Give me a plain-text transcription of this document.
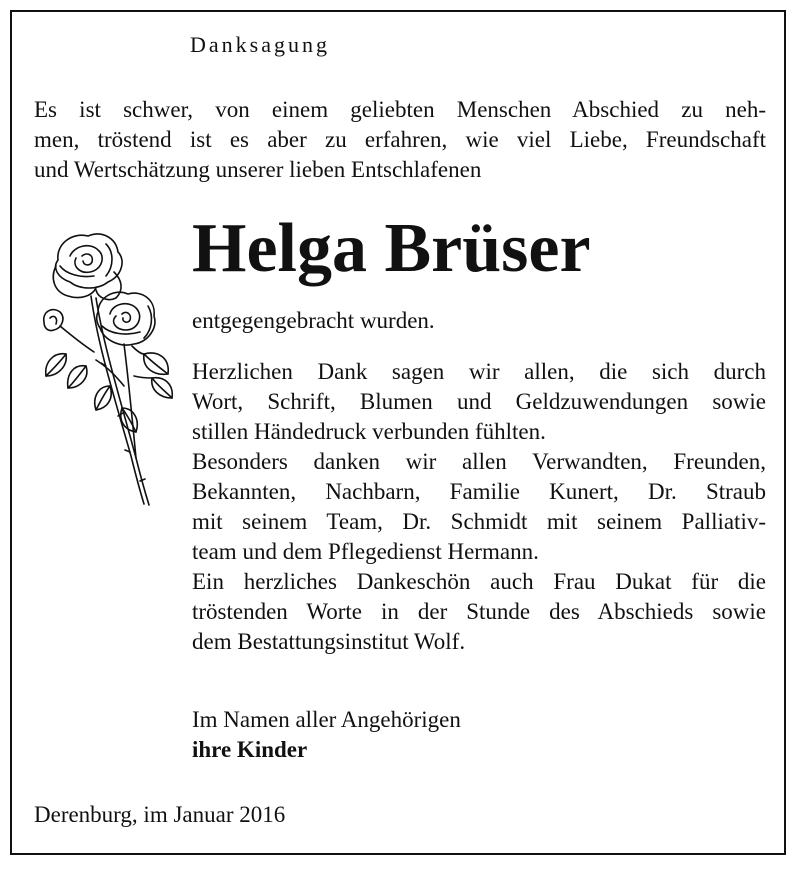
Danksagung
Es ist schwer, von einem geliebten Menschen Abschied zu neh-
men, tröstend ist es aber zu erfahren, wie viel Liebe, Freundschaft
und Wertschätzung unserer lieben Entschlafenen
Helga Brüser
entgegengebracht wurden.
Herzlichen Dank sagen wir allen, die sich durch
Wort, Schrift, Blumen und Geldzuwendungen sowie
stillen Händedruck verbunden fühlten.
Besonders danken wir allen Verwandten, Freunden,
Bekannten, Nachbarn, Familie Kunert, Dr. Straub
mit seinem Team, Dr. Schmidt mit seinem Palliativ-
team und dem Pflegedienst Hermann.
Ein herzliches Dankeschön auch Frau Dukat für die
tröstenden Worte in der Stunde des Abschieds sowie
dem Bestattungsinstitut Wolf.
Im Namen aller Angehörigen
ihre Kinder
Derenburg, im Januar 2016
